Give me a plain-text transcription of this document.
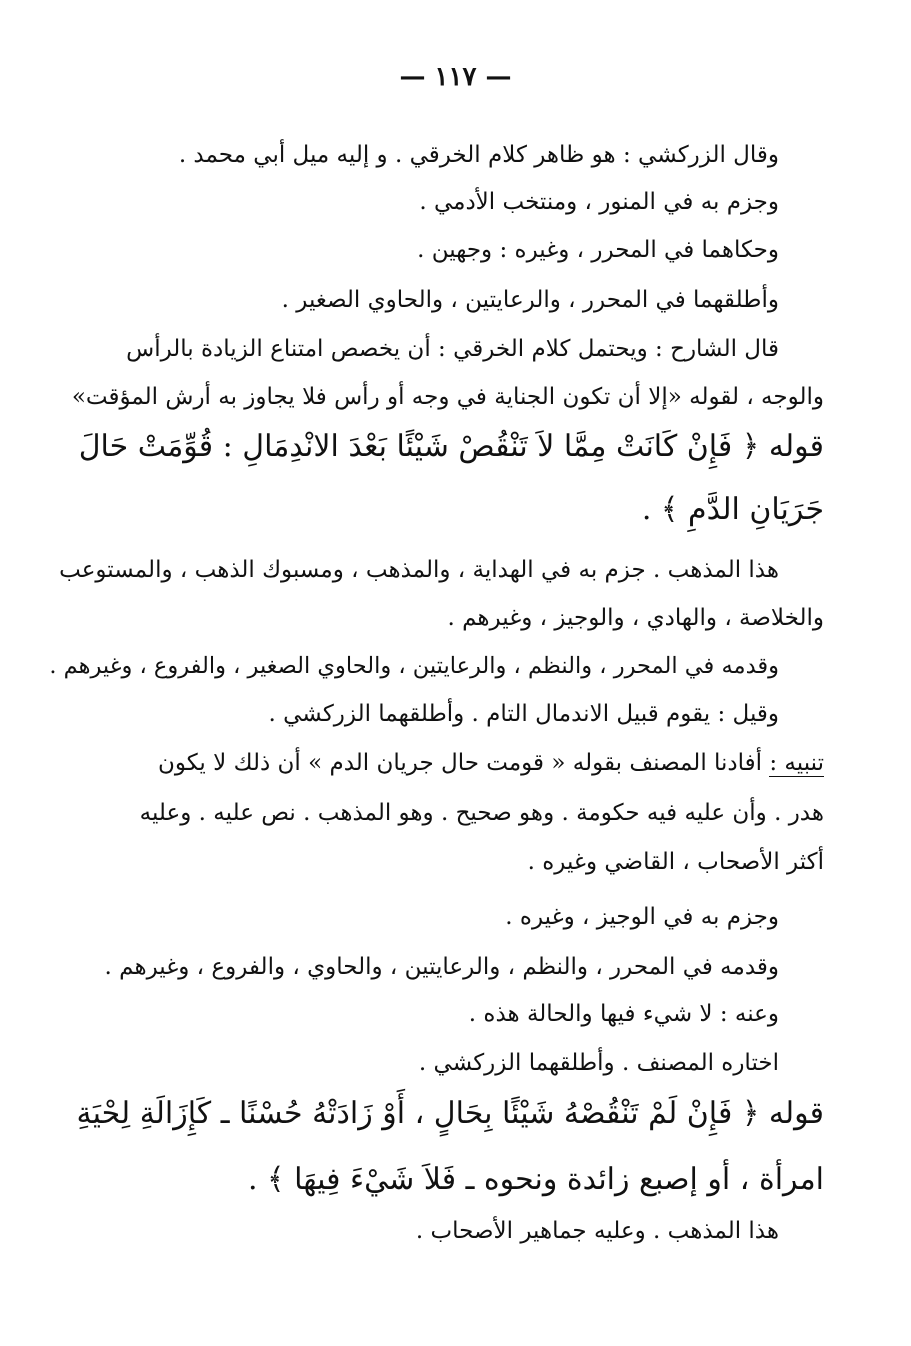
— ١١٧ —
وقال الزركشي : هو ظاهر كلام الخرقي . و إليه ميل أبي محمد .
وجزم به في المنور ، ومنتخب الأدمي .
وحكاهما في المحرر ، وغيره : وجهين .
وأطلقهما في المحرر ، والرعايتين ، والحاوي الصغير .
قال الشارح : ويحتمل كلام الخرقي : أن يخصص امتناع الزيادة بالرأس
والوجه ، لقوله «إلا أن تكون الجناية في وجه أو رأس فلا يجاوز به أرش المؤقت»
قوله ﴿ فَإِنْ كَانَتْ مِمَّا لاَ تَنْقُصْ شَيْئًا بَعْدَ الانْدِمَالِ : قُوِّمَتْ حَالَ
جَرَيَانِ الدَّمِ ﴾ .
هذا المذهب . جزم به في الهداية ، والمذهب ، ومسبوك الذهب ، والمستوعب
والخلاصة ، والهادي ، والوجيز ، وغيرهم .
وقدمه في المحرر ، والنظم ، والرعايتين ، والحاوي الصغير ، والفروع ، وغيرهم .
وقيل : يقوم قبيل الاندمال التام . وأطلقهما الزركشي .
تنبيه : أفادنا المصنف بقوله « قومت حال جريان الدم » أن ذلك لا يكون
هدر . وأن عليه فيه حكومة . وهو صحيح . وهو المذهب . نص عليه . وعليه
أكثر الأصحاب ، القاضي وغيره .
وجزم به في الوجيز ، وغيره .
وقدمه في المحرر ، والنظم ، والرعايتين ، والحاوي ، والفروع ، وغيرهم .
وعنه : لا شيء فيها والحالة هذه .
اختاره المصنف . وأطلقهما الزركشي .
قوله ﴿ فَإِنْ لَمْ تَنْقُصْهُ شَيْئًا بِحَالٍ ، أَوْ زَادَتْهُ حُسْنًا ـ كَإِزَالَةِ لِحْيَةِ
امرأة ، أو إصبع زائدة ونحوه ـ فَلاَ شَيْءَ فِيهَا ﴾ .
هذا المذهب . وعليه جماهير الأصحاب .
